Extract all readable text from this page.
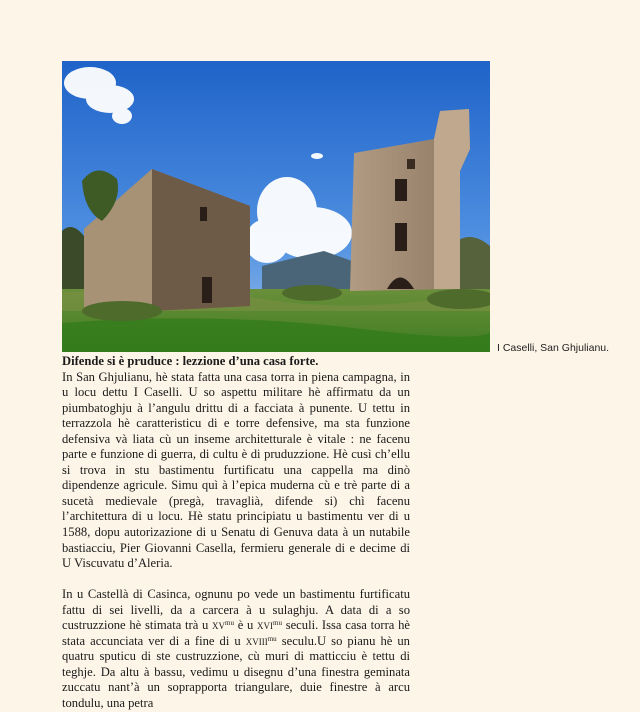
I Caselli, San Ghjulianu.
Difende si è pruduce : lezzione d’una casa forte.

In San Ghjulianu, hè stata fatta una casa torra in piena campagna, in u locu dettu I Caselli. U so aspettu militare hè affirmatu da un piumbatoghju à l’angulu drittu di a facciata à punente. U tettu in terrazzola hè caratteristicu di e torre defensive, ma sta funzione defensiva và liata cù un inseme architetturale è vitale : ne facenu parte e funzione di guerra, di cultu è di pruduzzione. Hè cusì ch’ellu si trova in stu bastimentu furtificatu una cappella ma dinò dipendenze agricule. Simu quì à l’epica muderna cù e trè parte di a sucetà medievale (pregà, travaglià, difende si) chì facenu l’architettura di u locu. Hè statu principiatu u bastimentu ver di u 1588, dopu autorizazione di u Senatu di Genuva data à un nutabile bastiacciu, Pier Giovanni Casella, fermieru generale di e decime di U Viscuvatu d’Aleria.

In u Castellà di Casinca, ognunu po vede un bastimentu furtificatu fattu di sei livelli, da a carcera à u sulaghju. A data di a so custruzzione hè stimata trà u $xv^{mu}$ è u xvi$^{mu}$ seculi. Issa casa torra hè stata accunciata ver di a fine di u xviii$^{mu}$ seculu.U so pianu hè un quatru sputicu di ste custruzzione, cù muri di matticciu è tettu di teghje. Da altu à bassu, vedimu u disegnu d’una finestra geminata zuccatu nant’à un soprapporta triangulare, duie finestre à arcu tondulu, una petra
